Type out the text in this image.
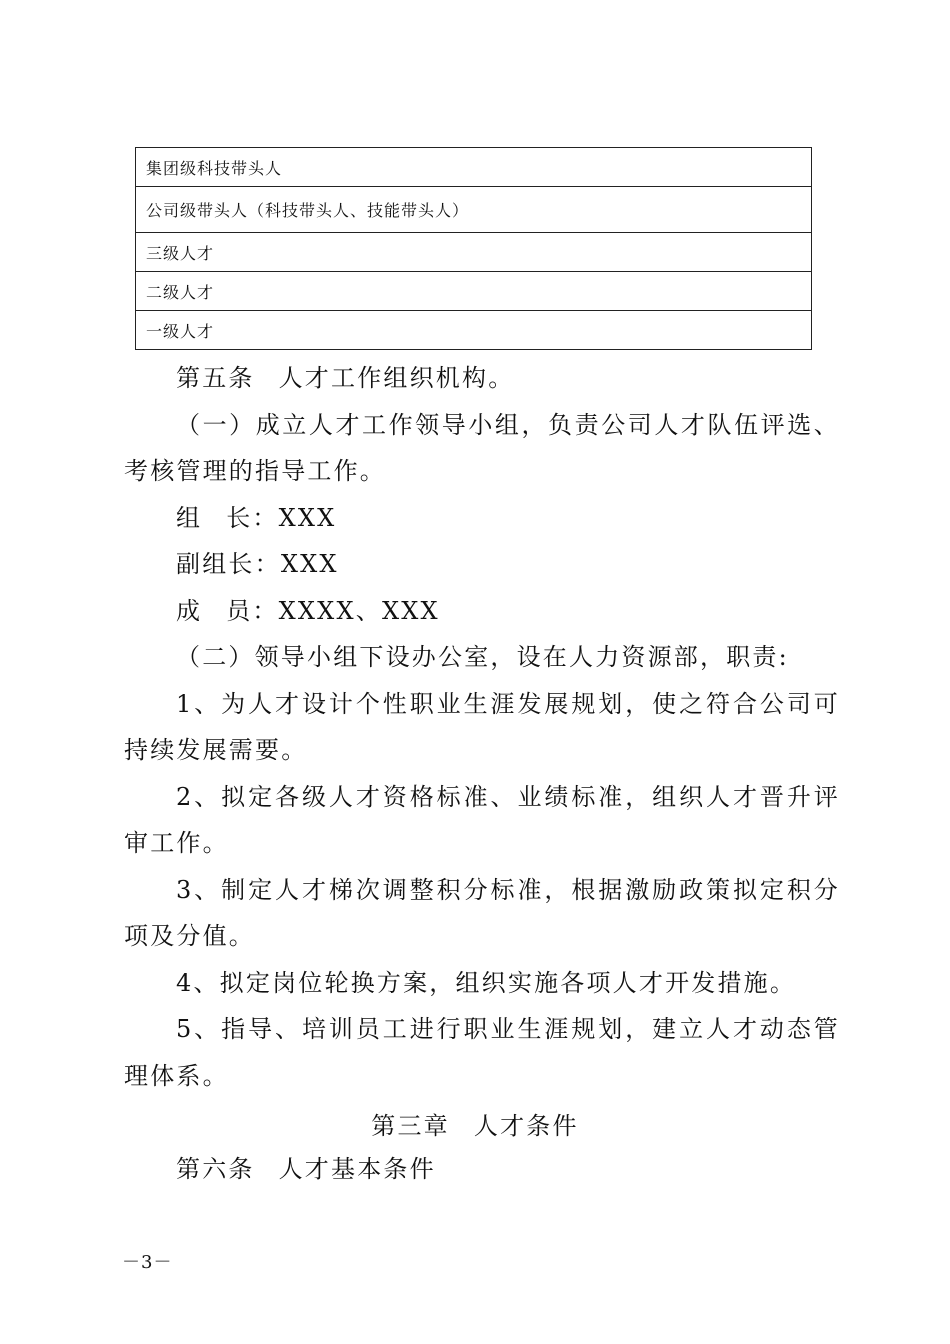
集团级科技带头人
公司级带头人（科技带头人、技能带头人）
三级人才
二级人才
一级人才

第五条 人才工作组织机构。

（一）成立人才工作领导小组，负责公司人才队伍评选、考核管理的指导工作。

组 长：XXX

副组长：XXX

成 员：XXXX、XXX

（二）领导小组下设办公室，设在人力资源部，职责:

1、为人才设计个性职业生涯发展规划，使之符合公司可持续发展需要。

2、拟定各级人才资格标准、业绩标准，组织人才晋升评审工作。

3、制定人才梯次调整积分标准，根据激励政策拟定积分项及分值。

4、拟定岗位轮换方案，组织实施各项人才开发措施。

5、指导、培训员工进行职业生涯规划，建立人才动态管理体系。

第三章 人才条件

第六条 人才基本条件

－3－
